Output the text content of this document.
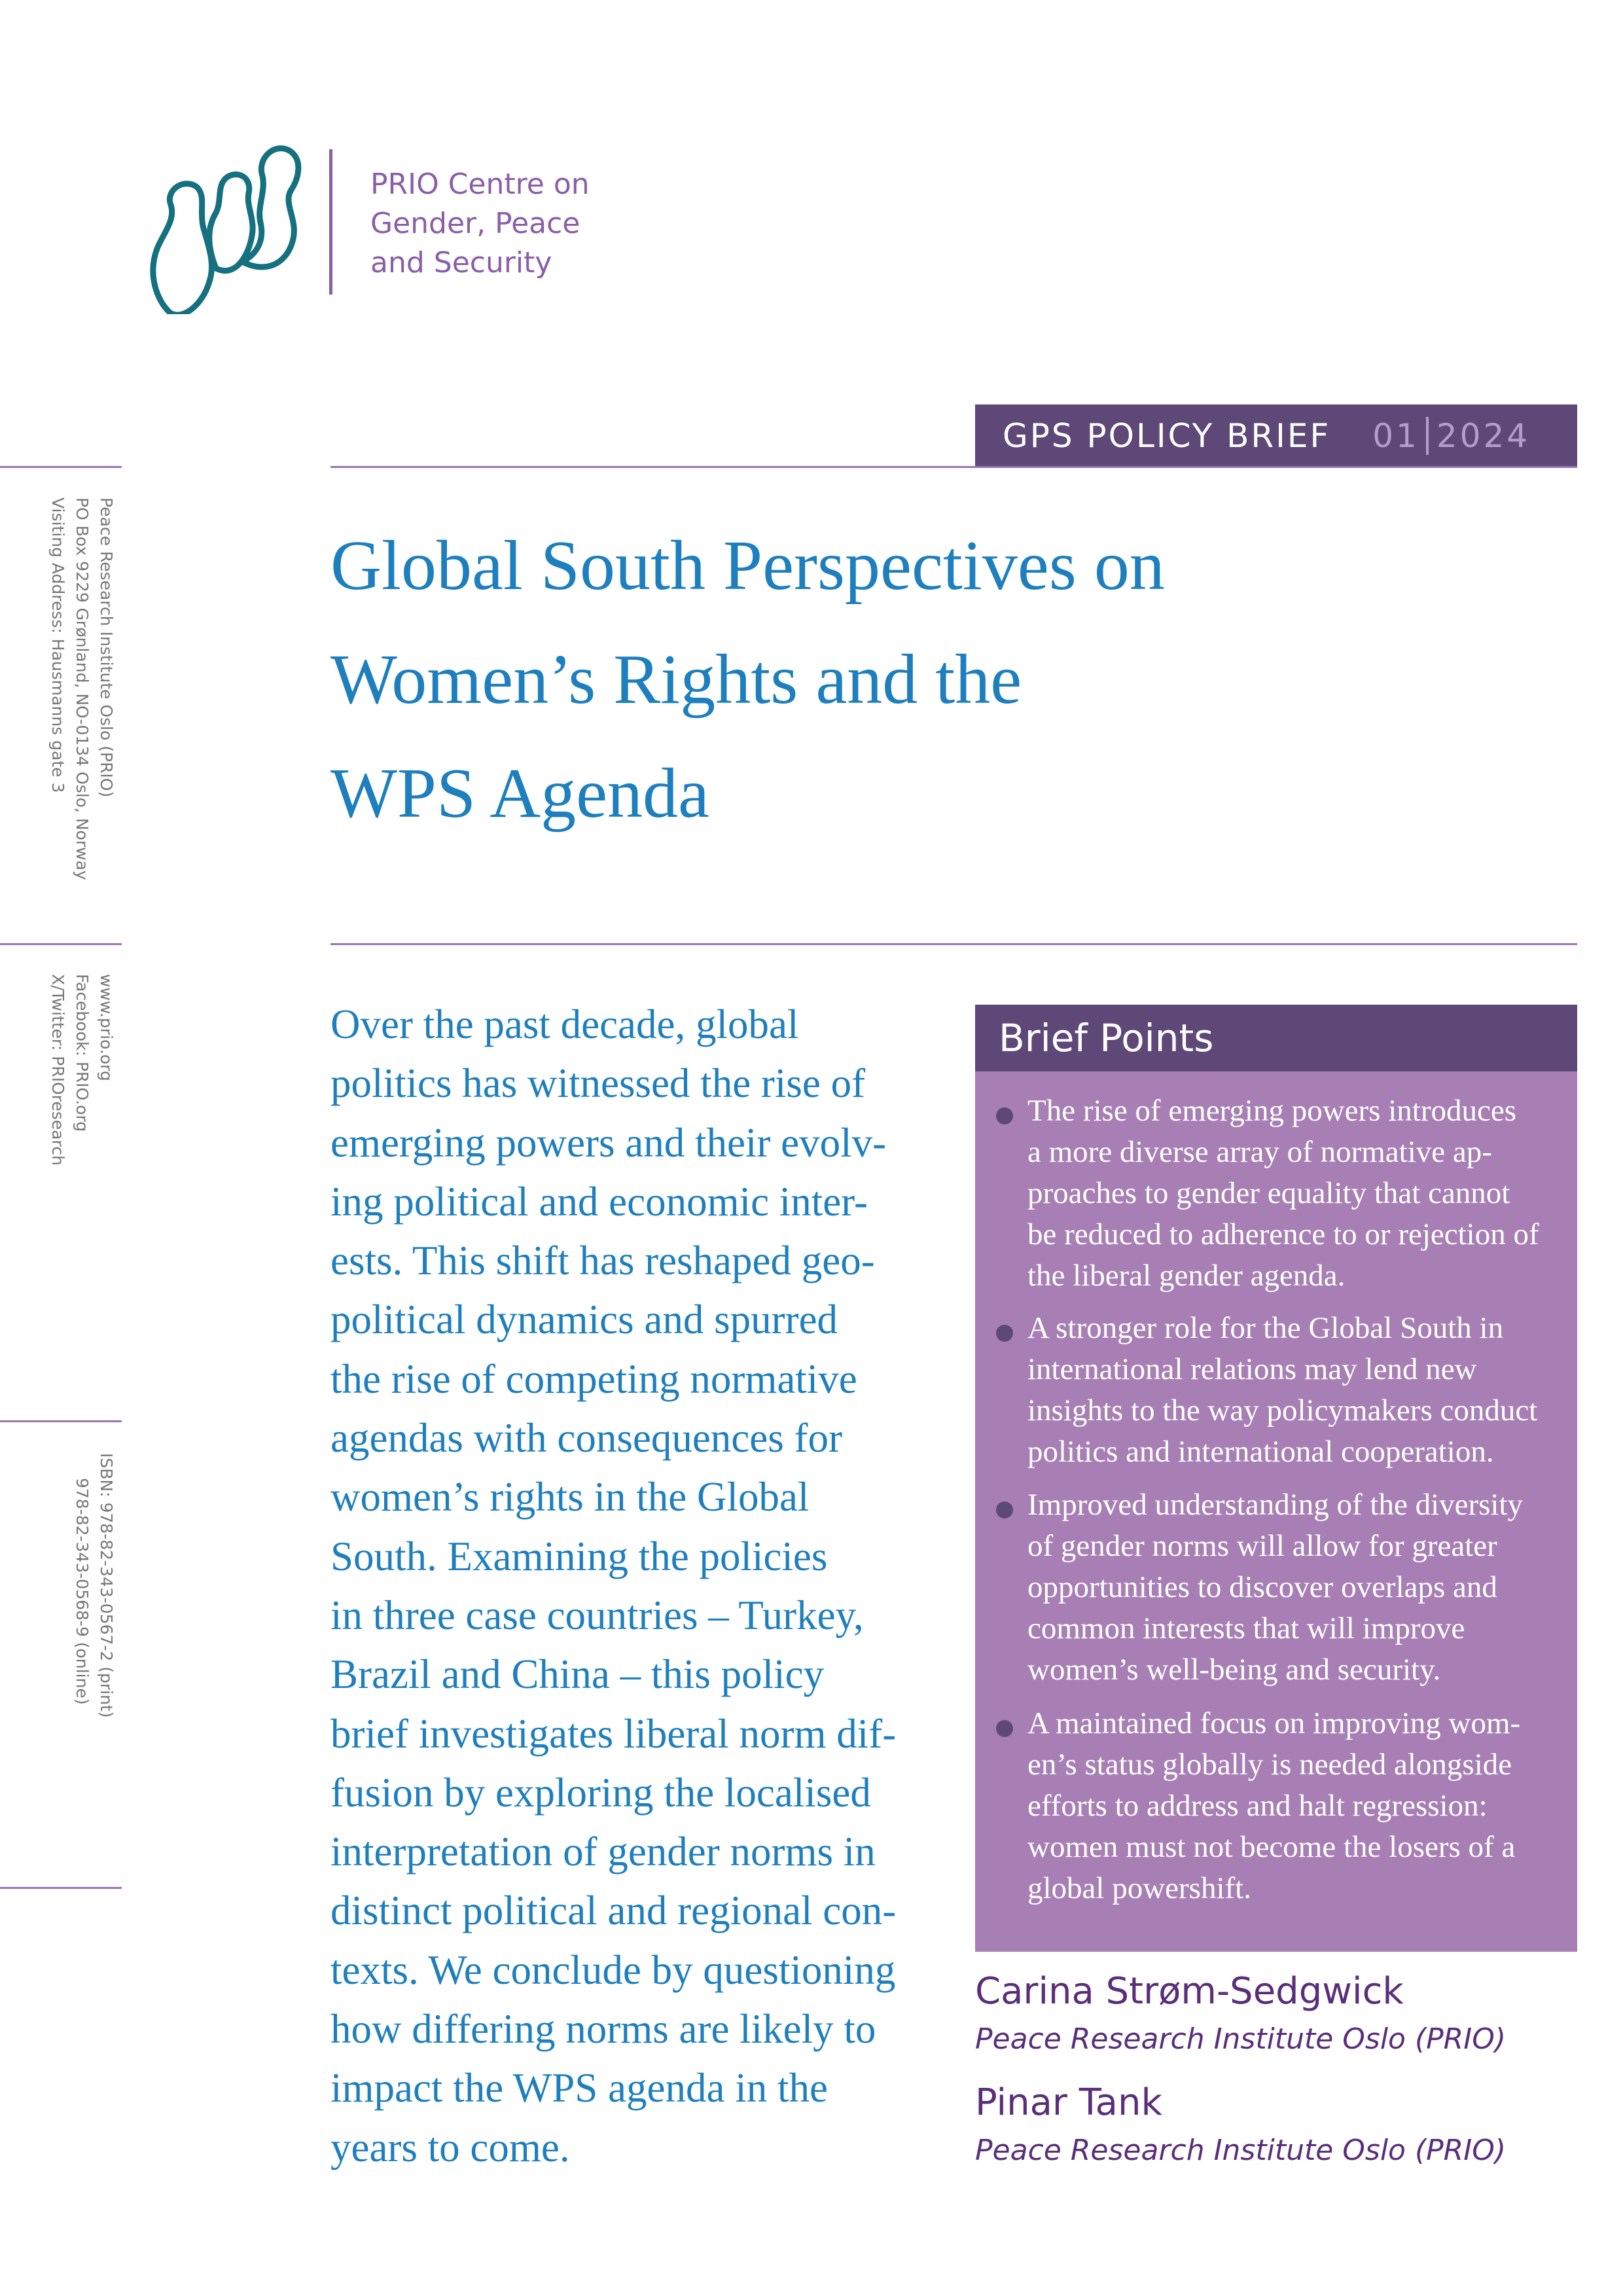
PRIO Centre on
Gender, Peace
and Security
GPS POLICY BRIEF 01 2024
Peace Research Institute Oslo (PRIO)
PO Box 9229 Grønland, NO-0134 Oslo, Norway
Visiting Address: Hausmanns gate 3
www.prio.org
Facebook: PRIO.org
X/Twitter: PRIOresearch
ISBN: 978-82-343-0567-2 (print)
978-82-343-0568-9 (online)
Global South Perspectives on
Women’s Rights and the
WPS Agenda
Over the past decade, global
politics has witnessed the rise of
emerging powers and their evolv-
ing political and economic inter-
ests. This shift has reshaped geo-
political dynamics and spurred
the rise of competing normative
agendas with consequences for
women’s rights in the Global
South. Examining the policies
in three case countries – Turkey,
Brazil and China – this policy
brief investigates liberal norm dif-
fusion by exploring the localised
interpretation of gender norms in
distinct political and regional con-
texts. We conclude by questioning
how differing norms are likely to
impact the WPS agenda in the
years to come.
Brief Points
The rise of emerging powers introduces
a more diverse array of normative ap-
proaches to gender equality that cannot
be reduced to adherence to or rejection of
the liberal gender agenda.
A stronger role for the Global South in
international relations may lend new
insights to the way policymakers conduct
politics and international cooperation.
Improved understanding of the diversity
of gender norms will allow for greater
opportunities to discover overlaps and
common interests that will improve
women’s well-being and security.
A maintained focus on improving wom-
en’s status globally is needed alongside
efforts to address and halt regression:
women must not become the losers of a
global powershift.
Carina Strøm-Sedgwick
Peace Research Institute Oslo (PRIO)
Pinar Tank
Peace Research Institute Oslo (PRIO)
